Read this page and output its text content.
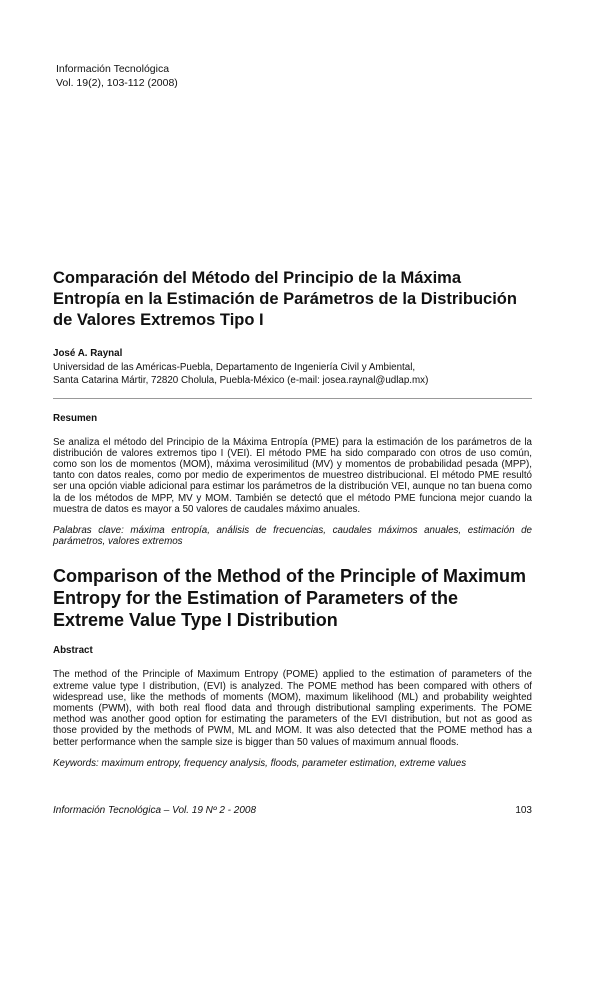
Información Tecnológica
Vol. 19(2), 103-112 (2008)
Comparación del Método del Principio de la Máxima Entropía en la Estimación de Parámetros de la Distribución de Valores Extremos Tipo I
José A. Raynal
Universidad de las Américas-Puebla, Departamento de Ingeniería Civil y Ambiental,
Santa Catarina Mártir, 72820 Cholula, Puebla-México (e-mail: josea.raynal@udlap.mx)
Resumen
Se analiza el método del Principio de la Máxima Entropía (PME) para la estimación de los parámetros de la distribución de valores extremos tipo I (VEI). El método PME ha sido comparado con otros de uso común, como son los de momentos (MOM), máxima verosimilitud (MV) y momentos de probabilidad pesada (MPP), tanto con datos reales, como por medio de experimentos de muestreo distribucional. El método PME resultó ser una opción viable adicional para estimar los parámetros de la distribución VEI, aunque no tan buena como la de los métodos de MPP, MV y MOM. También se detectó que el método PME funciona mejor cuando la muestra de datos es mayor a 50 valores de caudales máximo anuales.
Palabras clave: máxima entropía, análisis de frecuencias, caudales máximos anuales, estimación de parámetros, valores extremos
Comparison of the Method of the Principle of Maximum Entropy for the Estimation of Parameters of the Extreme Value Type I Distribution
Abstract
The method of the Principle of Maximum Entropy (POME) applied to the estimation of parameters of the extreme value type I distribution, (EVI) is analyzed. The POME method has been compared with others of widespread use, like the methods of moments (MOM), maximum likelihood (ML) and probability weighted moments (PWM), with both real flood data and through distributional sampling experiments. The POME method was another good option for estimating the parameters of the EVI distribution, but not as good as those provided by the methods of PWM, ML and MOM. It was also detected that the POME method has a better performance when the sample size is bigger than 50 values of maximum annual floods.
Keywords: maximum entropy, frequency analysis, floods, parameter estimation, extreme values
Información Tecnológica – Vol. 19 Nº 2 - 2008	103
